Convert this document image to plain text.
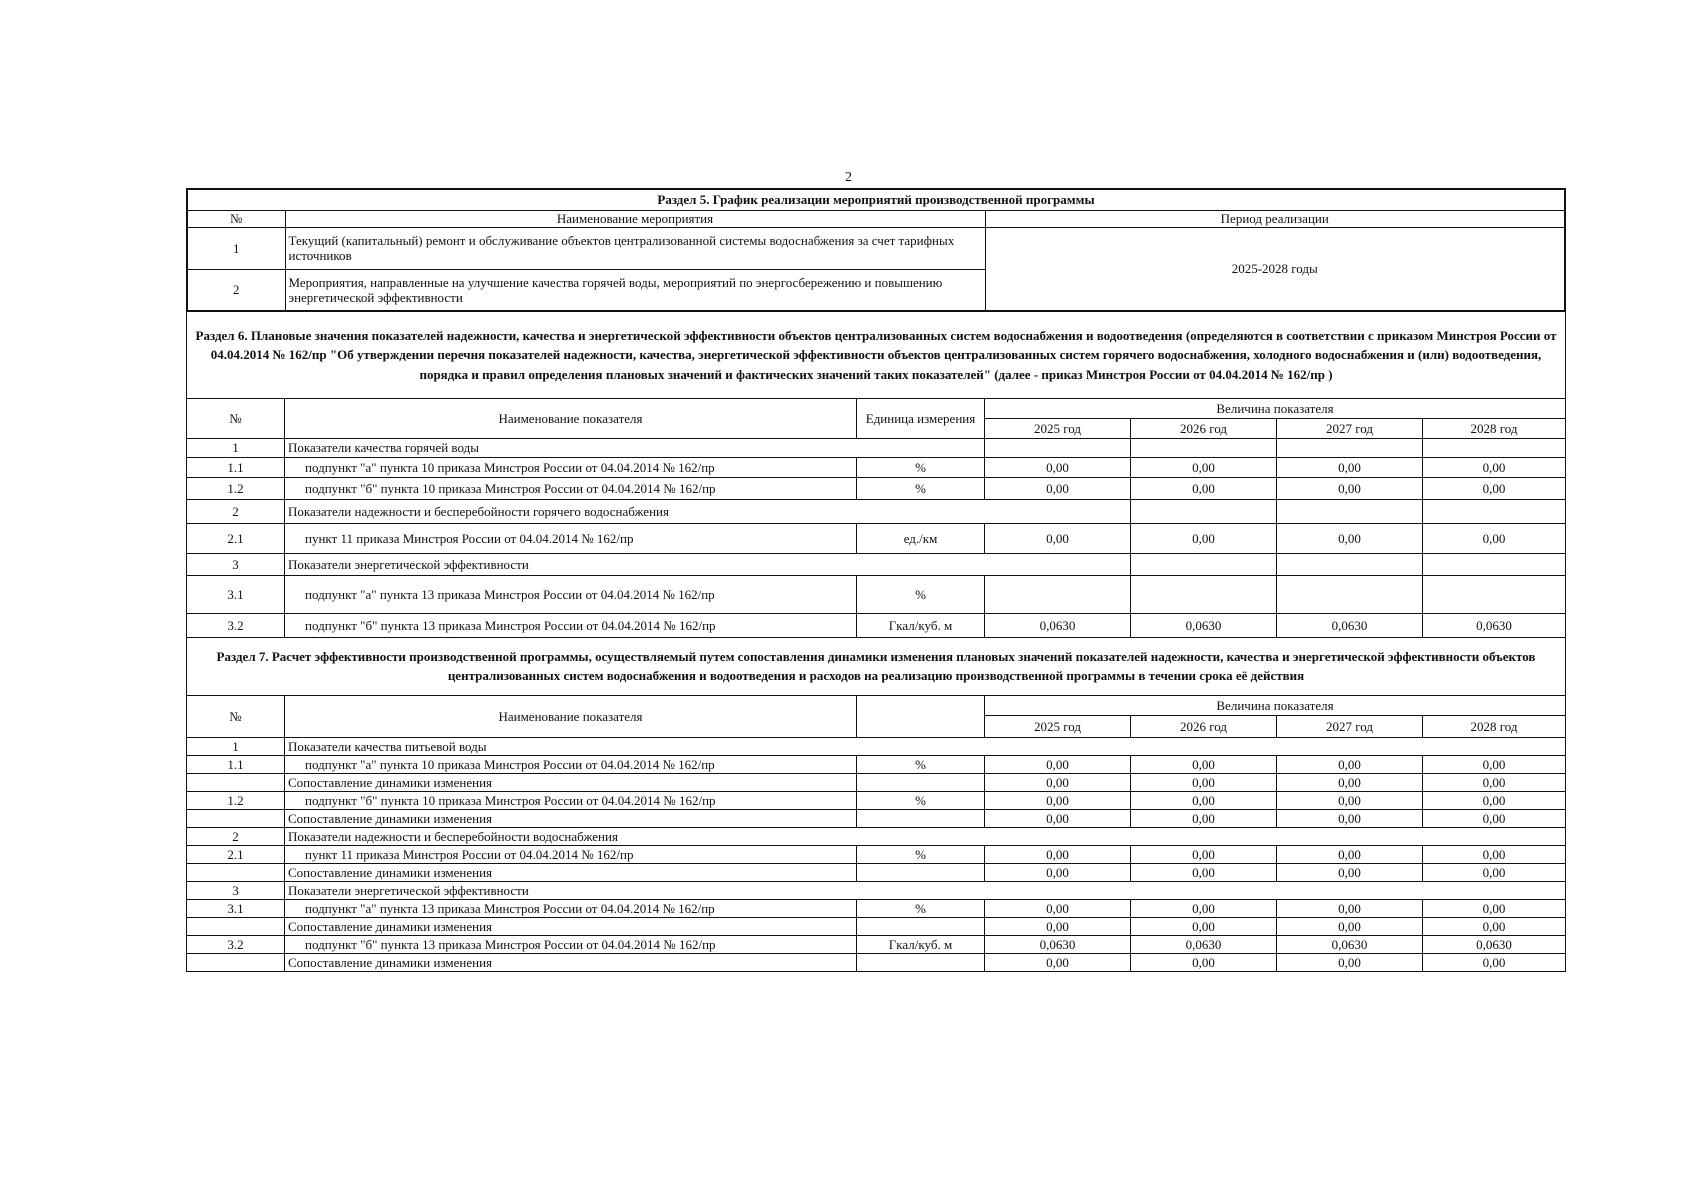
2
Раздел 5. График реализации мероприятий производственной программы		
№	Наименование мероприятия	Период реализации
1	Текущий (капитальный) ремонт и обслуживание объектов централизованной системы водоснабжения за счет тарифных источников	2025-2028 годы
2	Мероприятия, направленные на улучшение качества горячей воды, мероприятий по энергосбережению и повышению энергетической эффективности	
Раздел 6. Плановые значения показателей надежности, качества и энергетической эффективности объектов централизованных систем водоснабжения и водоотведения (определяются в соответствии с приказом Минстроя России от 04.04.2014 № 162/пр "Об утверждении перечня показателей надежности, качества, энергетической эффективности объектов централизованных систем горячего водоснабжения, холодного водоснабжения и (или) водоотведения, порядка и правил определения плановых значений и фактических значений таких показателей" (далее - приказ Минстроя России от 04.04.2014 № 162/пр )						
№	Наименование показателя	Единица измерения	Величина показателя			
			2025 год	2026 год	2027 год	2028 год
1	Показатели качества горячей воды					
1.1	подпункт "а" пункта 10 приказа Минстроя России от 04.04.2014 № 162/пр	%	0,00	0,00	0,00	0,00
1.2	подпункт "б" пункта 10 приказа Минстроя России от 04.04.2014 № 162/пр	%	0,00	0,00	0,00	0,00
2	Показатели надежности и бесперебойности горячего водоснабжения					
2.1	пункт 11 приказа Минстроя России от 04.04.2014 № 162/пр	ед./км	0,00	0,00	0,00	0,00
3	Показатели энергетической эффективности					
3.1	подпункт "а" пункта 13 приказа Минстроя России от 04.04.2014 № 162/пр	%				
3.2	подпункт "б" пункта 13 приказа Минстроя России от 04.04.2014 № 162/пр	Гкал/куб. м	0,0630	0,0630	0,0630	0,0630
Раздел 7. Расчет эффективности производственной программы, осуществляемый путем сопоставления динамики изменения плановых значений показателей надежности, качества и энергетической эффективности объектов централизованных систем водоснабжения и водоотведения и расходов на реализацию производственной программы в течении срока её действия						
№	Наименование показателя		Величина показателя			
			2025 год	2026 год	2027 год	2028 год
1	Показатели качества питьевой воды					
1.1	подпункт "а" пункта 10 приказа Минстроя России от 04.04.2014 № 162/пр	%	0,00	0,00	0,00	0,00
	Сопоставление динамики изменения		0,00	0,00	0,00	0,00
1.2	подпункт "б" пункта 10 приказа Минстроя России от 04.04.2014 № 162/пр	%	0,00	0,00	0,00	0,00
	Сопоставление динамики изменения		0,00	0,00	0,00	0,00
2	Показатели надежности и бесперебойности водоснабжения					
2.1	пункт 11 приказа Минстроя России от 04.04.2014 № 162/пр	%	0,00	0,00	0,00	0,00
	Сопоставление динамики изменения		0,00	0,00	0,00	0,00
3	Показатели энергетической эффективности					
3.1	подпункт "а" пункта 13 приказа Минстроя России от 04.04.2014 № 162/пр	%	0,00	0,00	0,00	0,00
	Сопоставление динамики изменения		0,00	0,00	0,00	0,00
3.2	подпункт "б" пункта 13 приказа Минстроя России от 04.04.2014 № 162/пр	Гкал/куб. м	0,0630	0,0630	0,0630	0,0630
	Сопоставление динамики изменения		0,00	0,00	0,00	0,00
